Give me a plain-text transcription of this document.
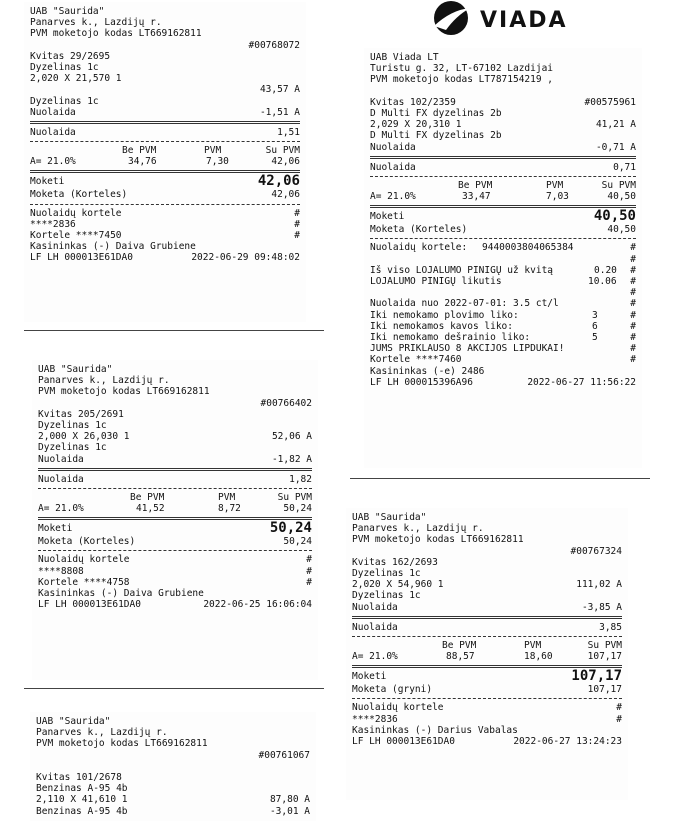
VIADA
UAB "Saurida"
Panarves k., Lazdijų r.
PVM moketojo kodas LT669162811
#00768072
Kvitas 29/2695
Dyzelinas 1c
2,020 X 21,570 1
43,57 A
Dyzelinas 1c
Nuolaida	-1,51 A
Nuolaida	1,51
Be PVM	PVM	Su PVM
A= 21.0%	34,76	7,30	42,06
Moketi	42,06
Moketa (Korteles)	42,06
Nuolaidų kortele	#
****2836	#
Kortele ****7450	#
Kasininkas (-) Daiva Grubiene
LF LH 000013E61DA0	2022-06-29 09:48:02
UAB "Saurida"
Panarves k., Lazdijų r.
PVM moketojo kodas LT669162811
#00766402
Kvitas 205/2691
Dyzelinas 1c
2,000 X 26,030 1	52,06 A
Dyzelinas 1c
Nuolaida	-1,82 A
Nuolaida	1,82
Be PVM	PVM	Su PVM
A= 21.0%	41,52	8,72	50,24
Moketi	50,24
Moketa (Korteles)	50,24
Nuolaidų kortele	#
****8808	#
Kortele ****4758	#
Kasininkas (-) Daiva Grubiene
LF LH 000013E61DA0	2022-06-25 16:06:04
UAB "Saurida"
Panarves k., Lazdijų r.
PVM moketojo kodas LT669162811
#00761067
Kvitas 101/2678
Benzinas A-95 4b
2,110 X 41,610 1	87,80 A
Benzinas A-95 4b	-3,01 A
UAB Viada LT
Turistu g. 32, LT-67102 Lazdijai
PVM moketojo kodas LT787154219 ,
Kvitas 102/2359	#00575961
D Multi FX dyzelinas 2b
2,029 X 20,310 1	41,21 A
D Multi FX dyzelinas 2b
Nuolaida	-0,71 A
Nuolaida	0,71
Be PVM	PVM	Su PVM
A= 21.0%	33,47	7,03	40,50
Moketi	40,50
Moketa (Korteles)	40,50
Nuolaidų kortele: 9440003804065384	#
#
Iš viso LOJALUMO PINIGŲ už kvitą	0.20 #
LOJALUMO PINIGŲ likutis	10.06 #
#
Nuolaida nuo 2022-07-01: 3.5 ct/l	#
Iki nemokamo plovimo liko:	3	#
Iki nemokamos kavos liko:	6	#
Iki nemokamo dešrainio liko:	5	#
JUMS PRIKLAUSO 8 AKCIJOS LIPDUKAI!	#
Kortele ****7460	#
Kasininkas (-e) 2486
LF LH 000015396A96	2022-06-27 11:56:22
UAB "Saurida"
Panarves k., Lazdijų r.
PVM moketojo kodas LT669162811
#00767324
Kvitas 162/2693
Dyzelinas 1c
2,020 X 54,960 1	111,02 A
Dyzelinas 1c
Nuolaida	-3,85 A
Nuolaida	3,85
Be PVM	PVM	Su PVM
A= 21.0%	88,57	18,60	107,17
Moketi	107,17
Moketa (gryni)	107,17
Nuolaidų kortele	#
****2836	#
Kasininkas (-) Darius Vabalas
LF LH 000013E61DA0	2022-06-27 13:24:23
